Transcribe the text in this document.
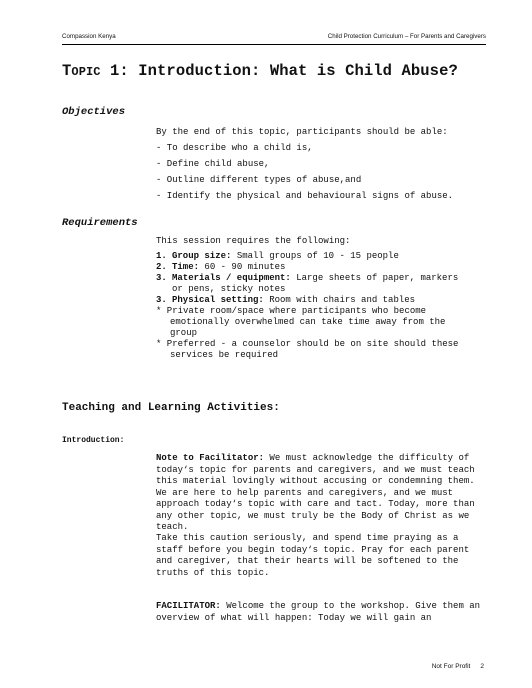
Compassion Kenya	Child Protection Curriculum – For Parents and Caregivers
TOPIC 1: Introduction: What is Child Abuse?
Objectives

By the end of this topic, participants should be able:

- To describe who a child is,

- Define child abuse,

- Outline different types of abuse,and

- Identify the physical and behavioural signs of abuse.

Requirements

This session requires the following:

1. Group size: Small groups of 10 - 15 people
2. Time: 60 - 90 minutes
3. Materials / equipment: Large sheets of paper, markers or pens, sticky notes
3. Physical setting: Room with chairs and tables

* Private room/space where participants who become emotionally overwhelmed can take time away from the group

* Preferred - a counselor should be on site should these services be required

Teaching and Learning Activities:
Introduction:
Note to Facilitator: We must acknowledge the difficulty of today‘s topic for parents and caregivers, and we must teach this material lovingly without accusing or condemning them. We are here to help parents and caregivers, and we must approach today‘s topic with care and tact. Today, more than any other topic, we must truly be the Body of Christ as we teach.
Take this caution seriously, and spend time praying as a staff before you begin today‘s topic. Pray for each parent and caregiver, that their hearts will be softened to the truths of this topic.
FACILITATOR: Welcome the group to the workshop. Give them an overview of what will happen: Today we will gain an
Not For Profit 2
